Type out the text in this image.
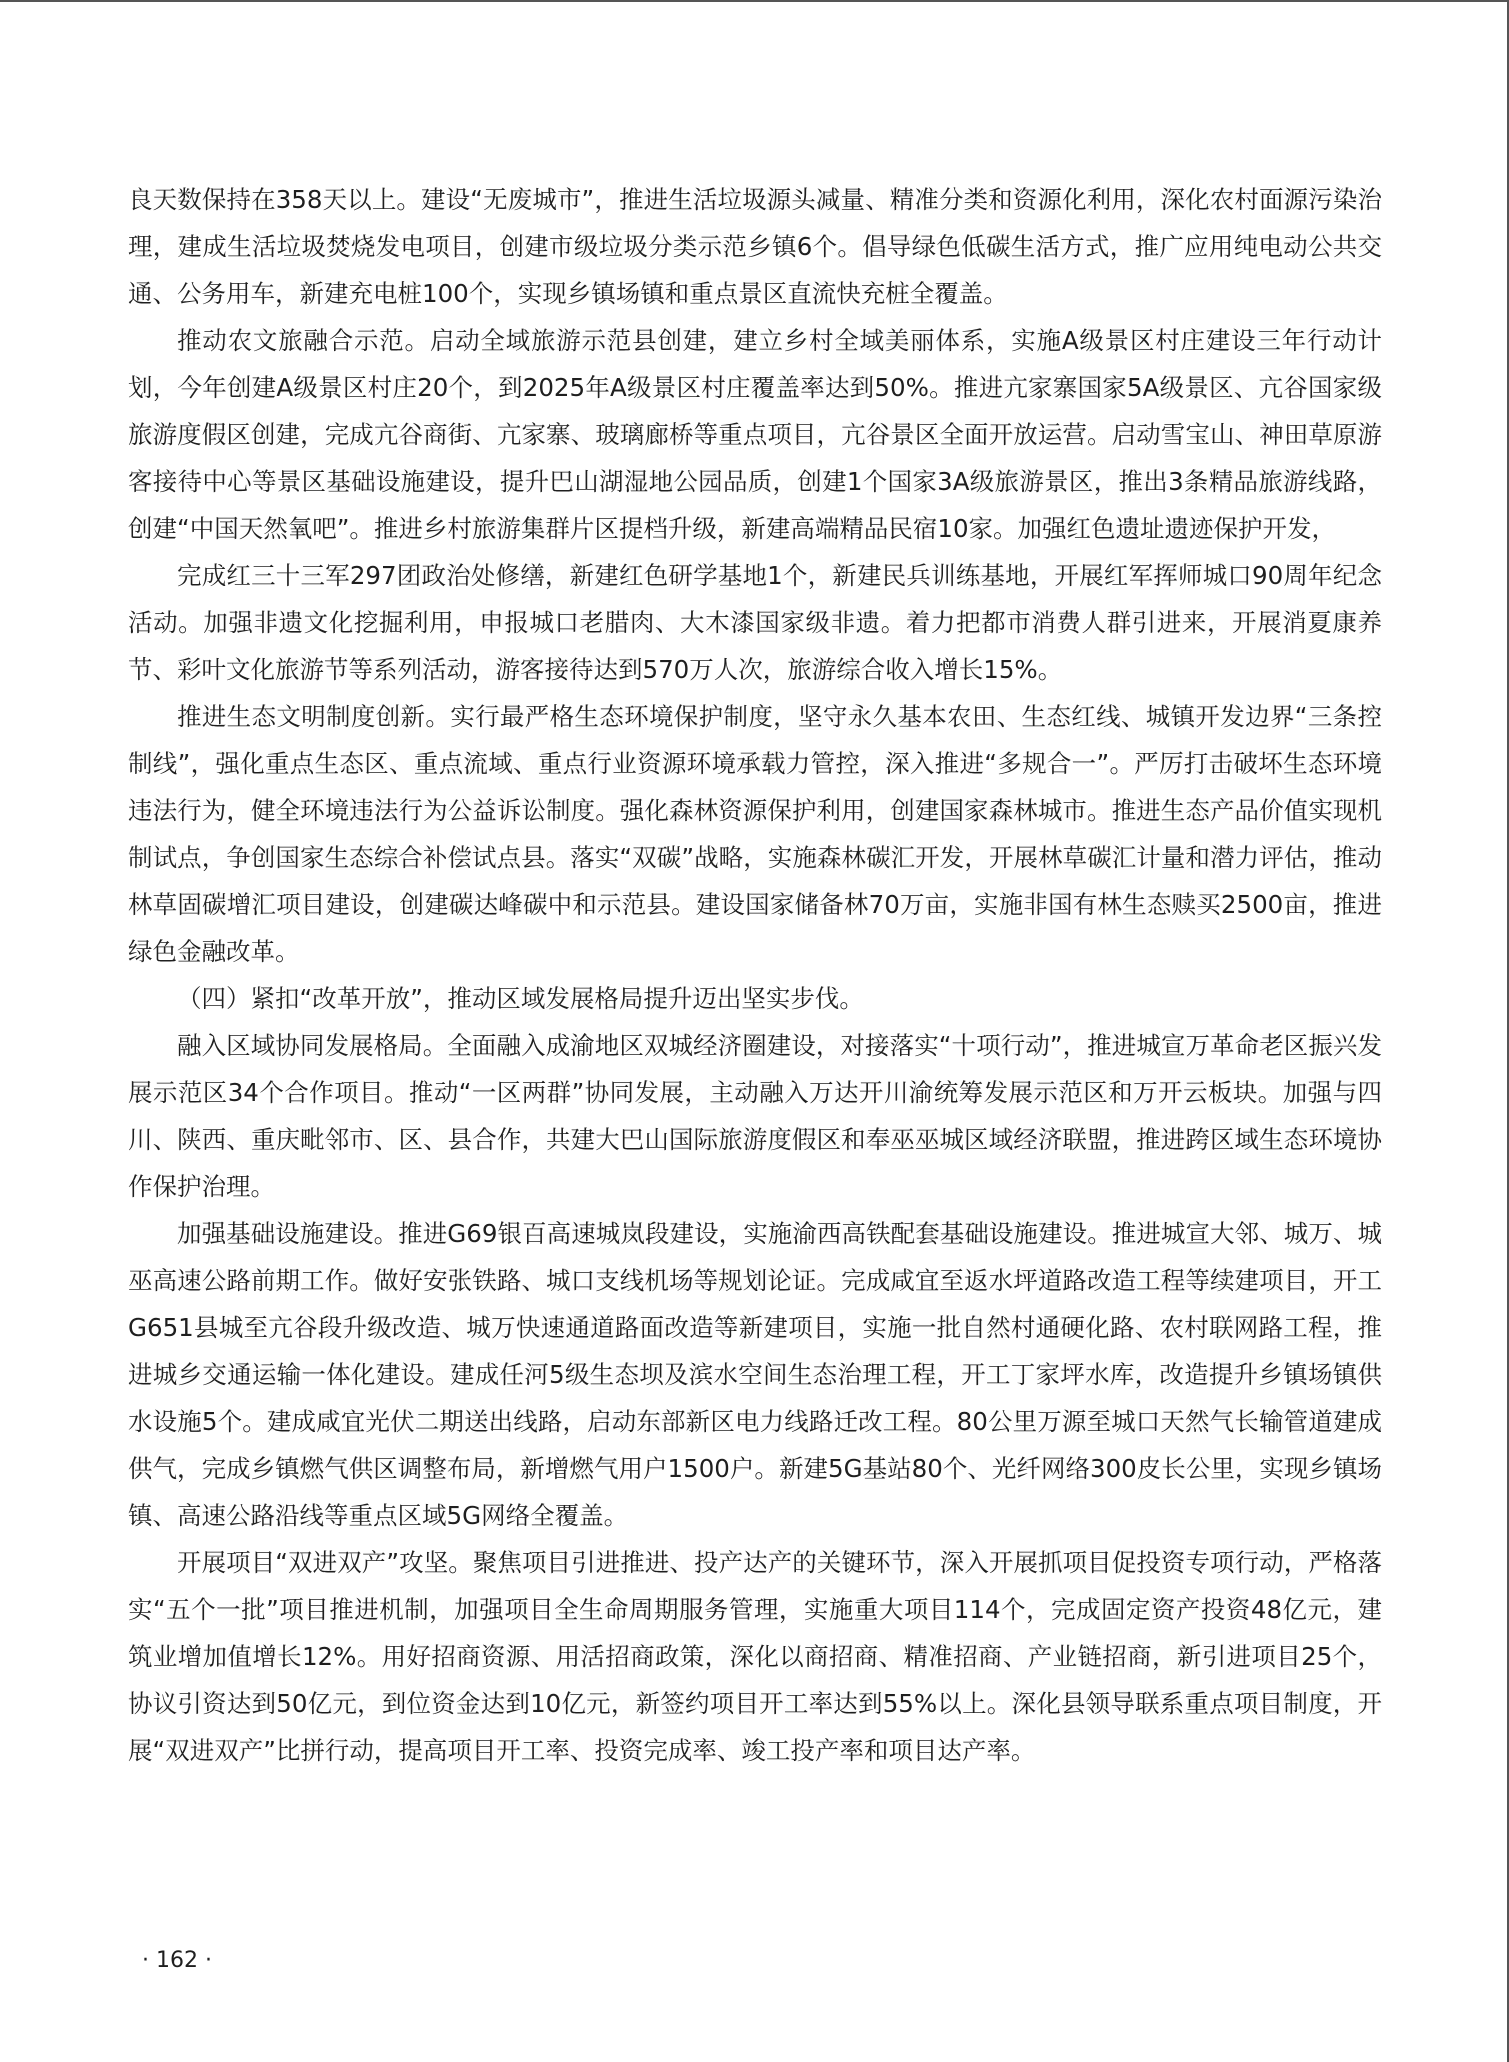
良天数保持在358天以上。建设“无废城市”，推进生活垃圾源头减量、精准分类和资源化利用，深化农村面源污染治理，建成生活垃圾焚烧发电项目，创建市级垃圾分类示范乡镇6个。倡导绿色低碳生活方式，推广应用纯电动公共交通、公务用车，新建充电桩100个，实现乡镇场镇和重点景区直流快充桩全覆盖。

推动农文旅融合示范。启动全域旅游示范县创建，建立乡村全域美丽体系，实施A级景区村庄建设三年行动计划，今年创建A级景区村庄20个，到2025年A级景区村庄覆盖率达到50%。推进亢家寨国家5A级景区、亢谷国家级旅游度假区创建，完成亢谷商街、亢家寨、玻璃廊桥等重点项目，亢谷景区全面开放运营。启动雪宝山、神田草原游客接待中心等景区基础设施建设，提升巴山湖湿地公园品质，创建1个国家3A级旅游景区，推出3条精品旅游线路，创建“中国天然氧吧”。推进乡村旅游集群片区提档升级，新建高端精品民宿10家。加强红色遗址遗迹保护开发，

完成红三十三军297团政治处修缮，新建红色研学基地1个，新建民兵训练基地，开展红军挥师城口90周年纪念活动。加强非遗文化挖掘利用，申报城口老腊肉、大木漆国家级非遗。着力把都市消费人群引进来，开展消夏康养节、彩叶文化旅游节等系列活动，游客接待达到570万人次，旅游综合收入增长15%。

推进生态文明制度创新。实行最严格生态环境保护制度，坚守永久基本农田、生态红线、城镇开发边界“三条控制线”，强化重点生态区、重点流域、重点行业资源环境承载力管控，深入推进“多规合一”。严厉打击破坏生态环境违法行为，健全环境违法行为公益诉讼制度。强化森林资源保护利用，创建国家森林城市。推进生态产品价值实现机制试点，争创国家生态综合补偿试点县。落实“双碳”战略，实施森林碳汇开发，开展林草碳汇计量和潜力评估，推动林草固碳增汇项目建设，创建碳达峰碳中和示范县。建设国家储备林70万亩，实施非国有林生态赎买2500亩，推进绿色金融改革。

（四）紧扣“改革开放”，推动区域发展格局提升迈出坚实步伐。

融入区域协同发展格局。全面融入成渝地区双城经济圈建设，对接落实“十项行动”，推进城宣万革命老区振兴发展示范区34个合作项目。推动“一区两群”协同发展，主动融入万达开川渝统筹发展示范区和万开云板块。加强与四川、陕西、重庆毗邻市、区、县合作，共建大巴山国际旅游度假区和奉巫巫城区域经济联盟，推进跨区域生态环境协作保护治理。

加强基础设施建设。推进G69银百高速城岚段建设，实施渝西高铁配套基础设施建设。推进城宣大邻、城万、城巫高速公路前期工作。做好安张铁路、城口支线机场等规划论证。完成咸宜至返水坪道路改造工程等续建项目，开工G651县城至亢谷段升级改造、城万快速通道路面改造等新建项目，实施一批自然村通硬化路、农村联网路工程，推进城乡交通运输一体化建设。建成任河5级生态坝及滨水空间生态治理工程，开工丁家坪水库，改造提升乡镇场镇供水设施5个。建成咸宜光伏二期送出线路，启动东部新区电力线路迁改工程。80公里万源至城口天然气长输管道建成供气，完成乡镇燃气供区调整布局，新增燃气用户1500户。新建5G基站80个、光纤网络300皮长公里，实现乡镇场镇、高速公路沿线等重点区域5G网络全覆盖。

开展项目“双进双产”攻坚。聚焦项目引进推进、投产达产的关键环节，深入开展抓项目促投资专项行动，严格落实“五个一批”项目推进机制，加强项目全生命周期服务管理，实施重大项目114个，完成固定资产投资48亿元，建筑业增加值增长12%。用好招商资源、用活招商政策，深化以商招商、精准招商、产业链招商，新引进项目25个，协议引资达到50亿元，到位资金达到10亿元，新签约项目开工率达到55%以上。深化县领导联系重点项目制度，开展“双进双产”比拼行动，提高项目开工率、投资完成率、竣工投产率和项目达产率。

· 162 ·
